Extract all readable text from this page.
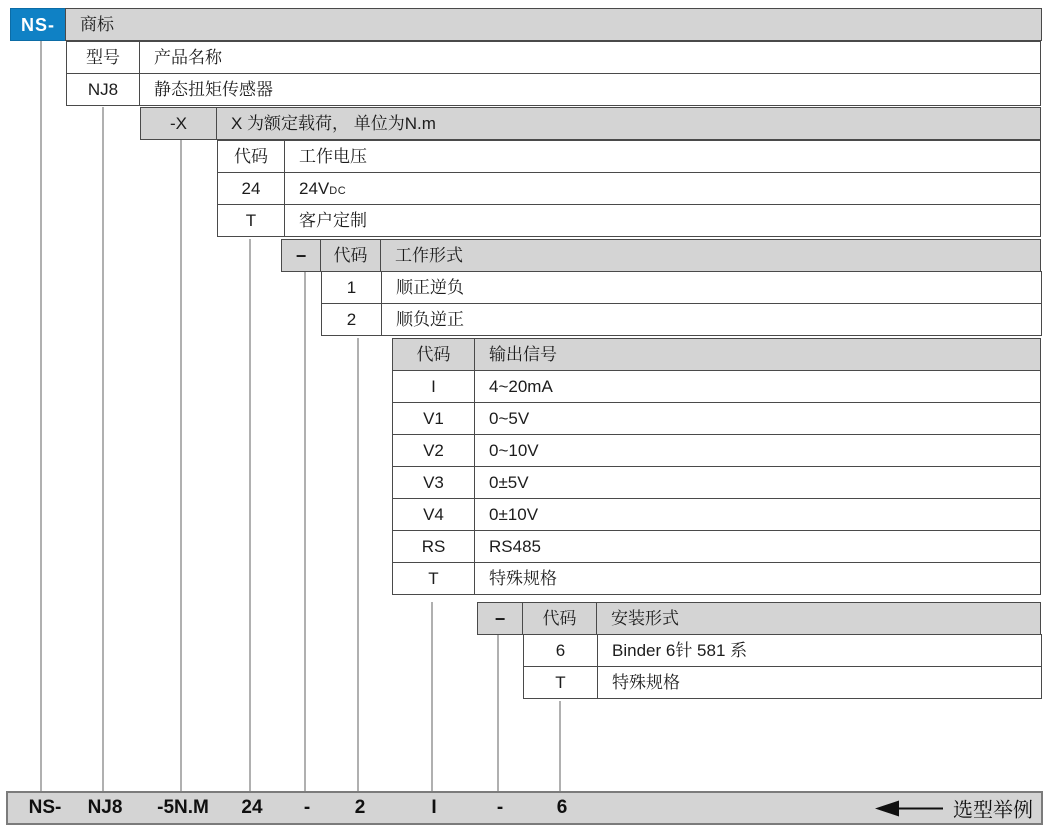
NS-	商标
型号	产品名称
NJ8	静态扭矩传感器
-X	X 为额定载荷， 单位为N.m
代码	工作电压
24	24V DC
T	客户定制
−	代码	工作形式
1	顺正逆负
2	顺负逆正
代码	输出信号
I	4~20mA
V1	0~5V
V2	0~10V
V3	0±5V
V4	0±10V
RS	RS485
T	特殊规格
−	代码	安装形式
6	Binder 6针 581 系
T	特殊规格
NS- NJ8 -5N.M 24 - 2	I	-	6	选型举例
